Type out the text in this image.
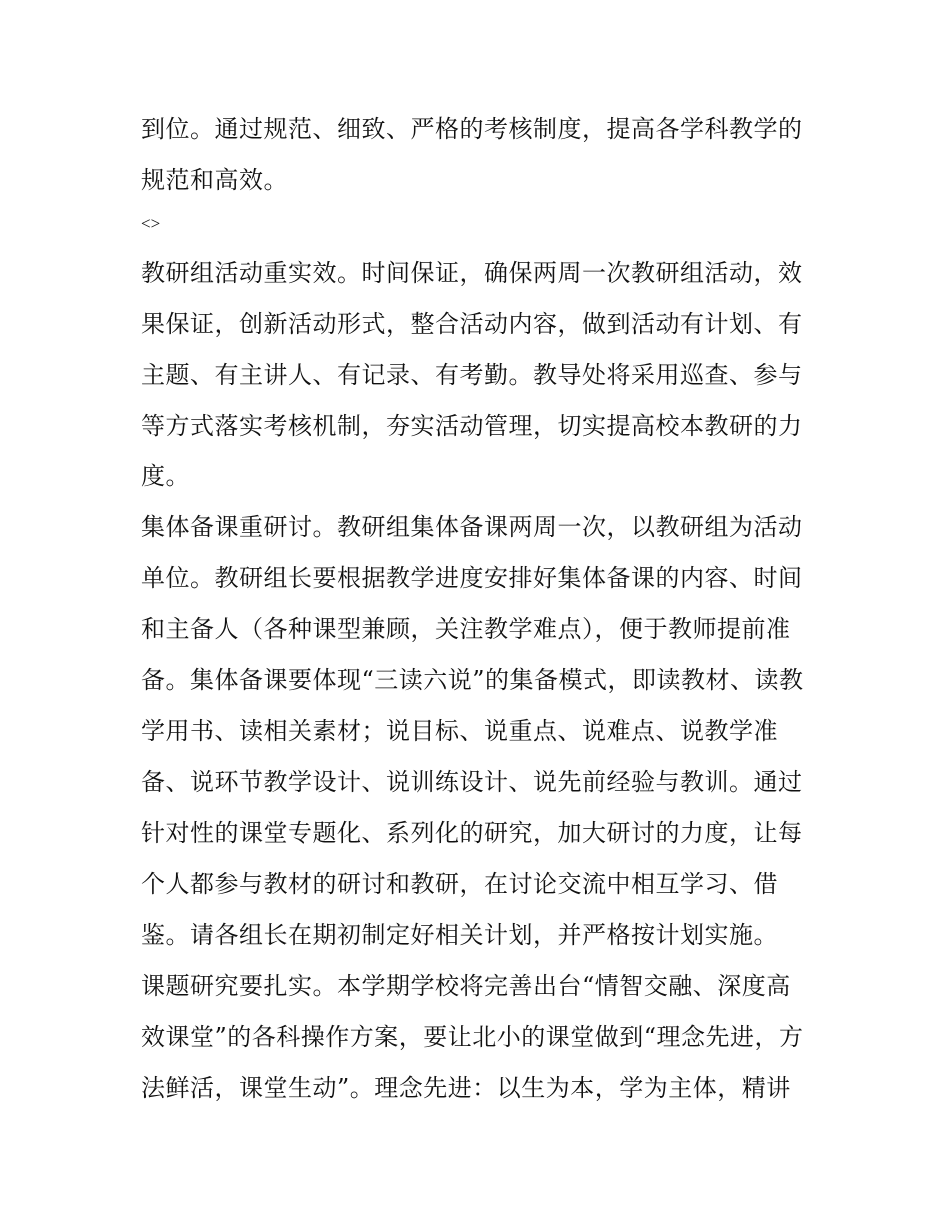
到位。通过规范、细致、严格的考核制度，提高各学科教学的
规范和高效。
<>
教研组活动重实效。时间保证，确保两周一次教研组活动，效
果保证，创新活动形式，整合活动内容，做到活动有计划、有
主题、有主讲人、有记录、有考勤。教导处将采用巡查、参与
等方式落实考核机制，夯实活动管理，切实提高校本教研的力
度。
集体备课重研讨。教研组集体备课两周一次，以教研组为活动
单位。教研组长要根据教学进度安排好集体备课的内容、时间
和主备人（各种课型兼顾，关注教学难点），便于教师提前准
备。集体备课要体现“三读六说”的集备模式，即读教材、读教
学用书、读相关素材；说目标、说重点、说难点、说教学准
备、说环节教学设计、说训练设计、说先前经验与教训。通过
针对性的课堂专题化、系列化的研究，加大研讨的力度，让每
个人都参与教材的研讨和教研，在讨论交流中相互学习、借
鉴。请各组长在期初制定好相关计划，并严格按计划实施。
课题研究要扎实。本学期学校将完善出台“情智交融、深度高
效课堂”的各科操作方案，要让北小的课堂做到“理念先进，方
法鲜活，课堂生动”。理念先进：以生为本，学为主体，精讲
